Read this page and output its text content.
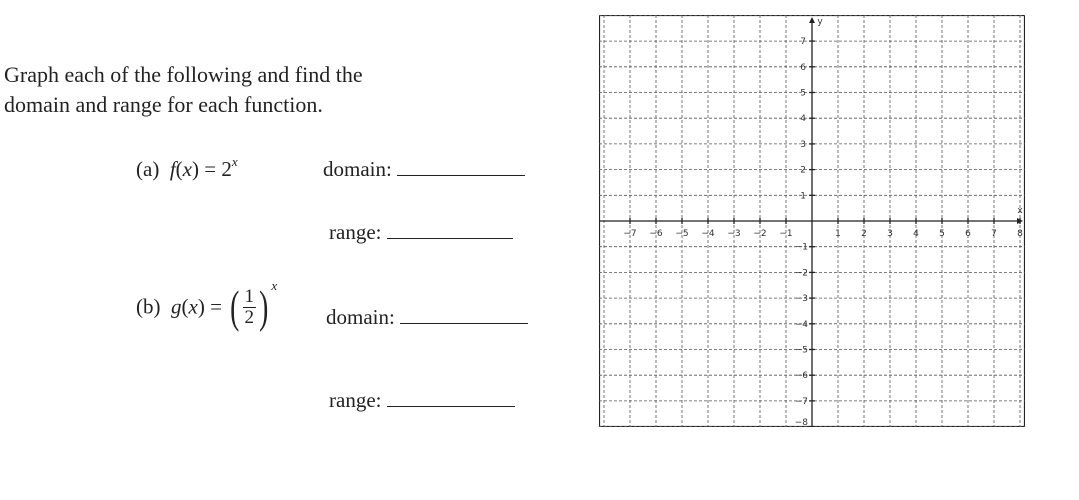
Graph each of the following and find the
domain and range for each function.
(a) $f(x) = 2^x$	domain:
range:
(b) g(x) = ( $\frac{1}{2}$ ) $^x$
domain:
range:
x
y
−7 −6 −5 −4 −3 −2 −1	1 2 3 4 5 6 7 8
1
2
3
4
5
6
7
−1
−2
−3
−4
−5
−6
−7
−8
